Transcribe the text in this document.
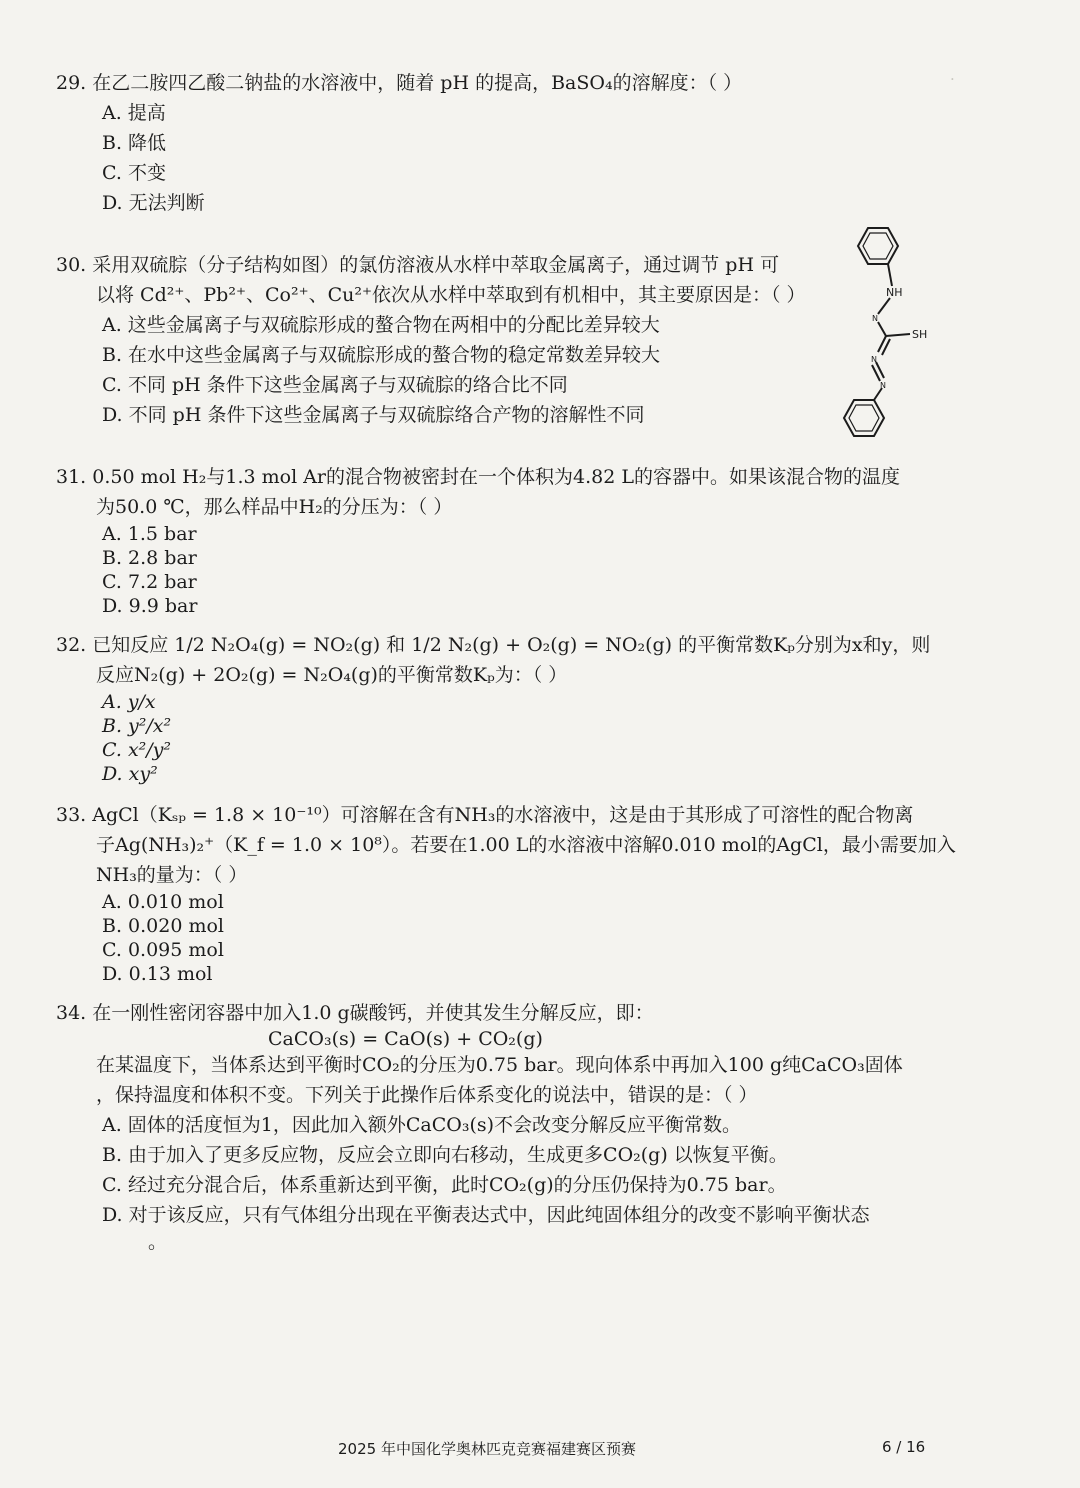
·
29. 在乙二胺四乙酸二钠盐的水溶液中，随着 pH 的提高，BaSO₄的溶解度：（ ）
A. 提高
B. 降低
C. 不变
D. 无法判断
30. 采用双硫腙（分子结构如图）的氯仿溶液从水样中萃取金属离子，通过调节 pH 可
以将 Cd²⁺、Pb²⁺、Co²⁺、Cu²⁺依次从水样中萃取到有机相中，其主要原因是：（ ）
A. 这些金属离子与双硫腙形成的螯合物在两相中的分配比差异较大
B. 在水中这些金属离子与双硫腙形成的螯合物的稳定常数差异较大
C. 不同 pH 条件下这些金属离子与双硫腙的络合比不同
D. 不同 pH 条件下这些金属离子与双硫腙络合产物的溶解性不同
NH
N
SH
N
N
31. 0.50 mol H₂与1.3 mol Ar的混合物被密封在一个体积为4.82 L的容器中。如果该混合物的温度
为50.0 ℃，那么样品中H₂的分压为：（ ）
A. 1.5 bar
B. 2.8 bar
C. 7.2 bar
D. 9.9 bar
32. 已知反应 1/2 N₂O₄(g) = NO₂(g) 和 1/2 N₂(g) + O₂(g) = NO₂(g) 的平衡常数Kₚ分别为x和y，则
反应N₂(g) + 2O₂(g) = N₂O₄(g)的平衡常数Kₚ为：（ ）
A. y/x
B. y²/x²
C. x²/y²
D. xy²
33. AgCl（Kₛₚ = 1.8 × 10⁻¹⁰）可溶解在含有NH₃的水溶液中，这是由于其形成了可溶性的配合物离
子Ag(NH₃)₂⁺（K_f = 1.0 × 10⁸）。若要在1.00 L的水溶液中溶解0.010 mol的AgCl，最小需要加入
NH₃的量为：（ ）
A. 0.010 mol
B. 0.020 mol
C. 0.095 mol
D. 0.13 mol
34. 在一刚性密闭容器中加入1.0 g碳酸钙，并使其发生分解反应，即：
CaCO₃(s) = CaO(s) + CO₂(g)
在某温度下，当体系达到平衡时CO₂的分压为0.75 bar。现向体系中再加入100 g纯CaCO₃固体
，保持温度和体积不变。下列关于此操作后体系变化的说法中，错误的是：（ ）
A. 固体的活度恒为1，因此加入额外CaCO₃(s)不会改变分解反应平衡常数。
B. 由于加入了更多反应物，反应会立即向右移动，生成更多CO₂(g) 以恢复平衡。
C. 经过充分混合后，体系重新达到平衡，此时CO₂(g)的分压仍保持为0.75 bar。
D. 对于该反应，只有气体组分出现在平衡表达式中，因此纯固体组分的改变不影响平衡状态
。
2025 年中国化学奥林匹克竞赛福建赛区预赛	6 / 16
